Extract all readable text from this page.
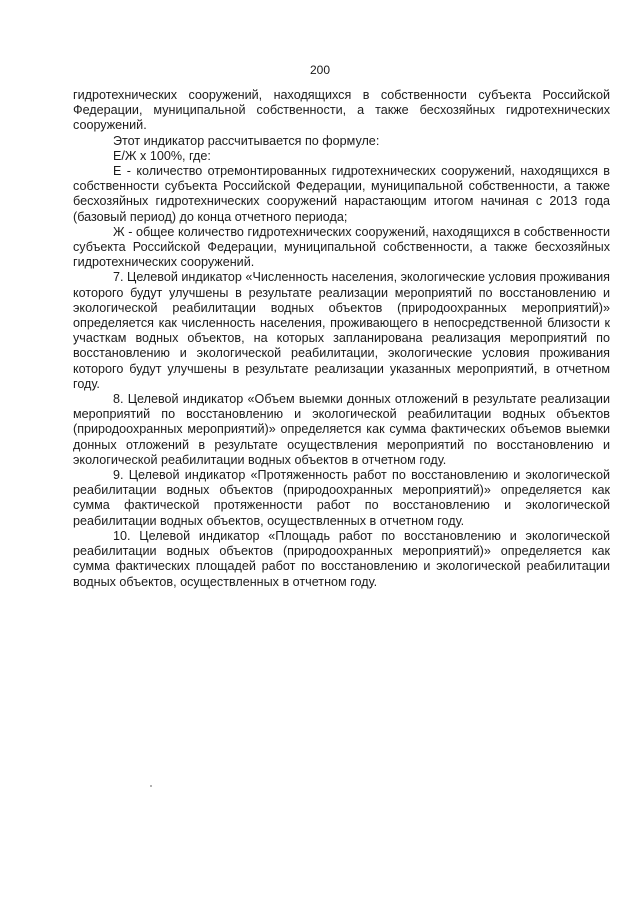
200

гидротехнических сооружений, находящихся в собственности субъекта Российской Федерации, муниципальной собственности, а также бесхозяйных гидротехнических сооружений.

Этот индикатор рассчитывается по формуле:

Е/Ж х 100%, где:

Е - количество отремонтированных гидротехнических сооружений, находящихся в собственности субъекта Российской Федерации, муниципальной собственности, а также бесхозяйных гидротехнических сооружений нарастающим итогом начиная с 2013 года (базовый период) до конца отчетного периода;

Ж - общее количество гидротехнических сооружений, находящихся в собственности субъекта Российской Федерации, муниципальной собственности, а также бесхозяйных гидротехнических сооружений.

7. Целевой индикатор «Численность населения, экологические условия проживания которого будут улучшены в результате реализации мероприятий по восстановлению и экологической реабилитации водных объектов (природоохранных мероприятий)» определяется как численность населения, проживающего в непосредственной близости к участкам водных объектов, на которых запланирована реализация мероприятий по восстановлению и экологической реабилитации, экологические условия проживания которого будут улучшены в результате реализации указанных мероприятий, в отчетном году.

8. Целевой индикатор «Объем выемки донных отложений в результате реализации мероприятий по восстановлению и экологической реабилитации водных объектов (природоохранных мероприятий)» определяется как сумма фактических объемов выемки донных отложений в результате осуществления мероприятий по восстановлению и экологической реабилитации водных объектов в отчетном году.

9. Целевой индикатор «Протяженность работ по восстановлению и экологической реабилитации водных объектов (природоохранных мероприятий)» определяется как сумма фактической протяженности работ по восстановлению и экологической реабилитации водных объектов, осуществленных в отчетном году.

10. Целевой индикатор «Площадь работ по восстановлению и экологической реабилитации водных объектов (природоохранных мероприятий)» определяется как сумма фактических площадей работ по восстановлению и экологической реабилитации водных объектов, осуществленных в отчетном году.
